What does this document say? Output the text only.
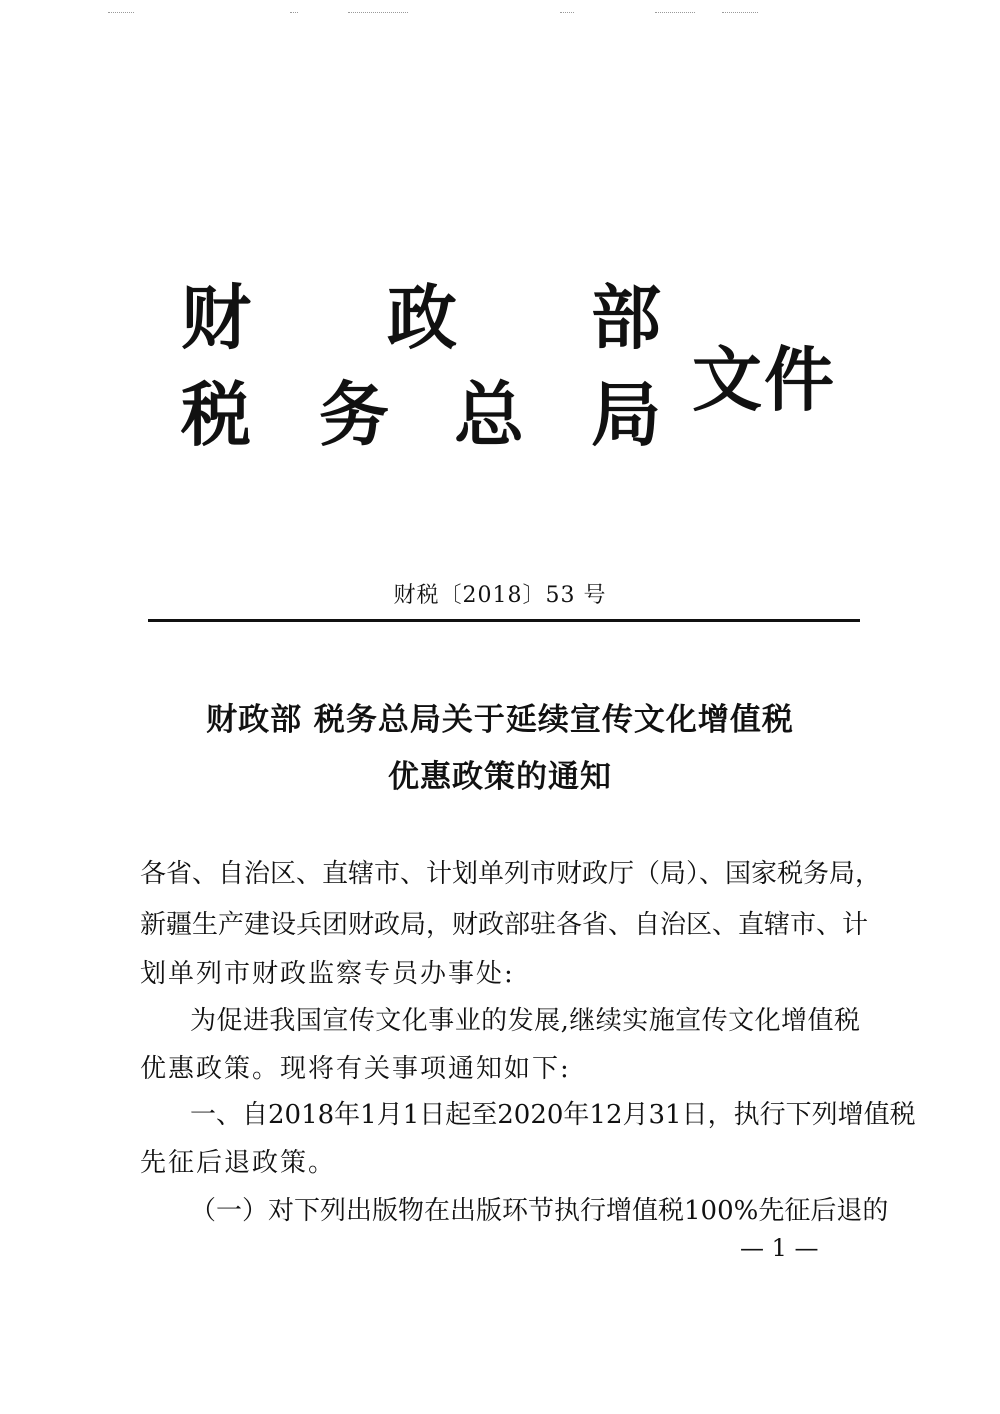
财 政 部
税 务 总 局 文件
财税〔2018〕53 号
财政部 税务总局关于延续宣传文化增值税
优惠政策的通知
各省、自治区、直辖市、计划单列市财政厅（局）、国家税务局，
新疆生产建设兵团财政局，财政部驻各省、自治区、直辖市、计
划单列市财政监察专员办事处:
为促进我国宣传文化事业的发展,继续实施宣传文化增值税
优惠政策。现将有关事项通知如下:
一、自2018年1月1日起至2020年12月31日，执行下列增值税
先征后退政策。
（一）对下列出版物在出版环节执行增值税100%先征后退的
— 1 —
